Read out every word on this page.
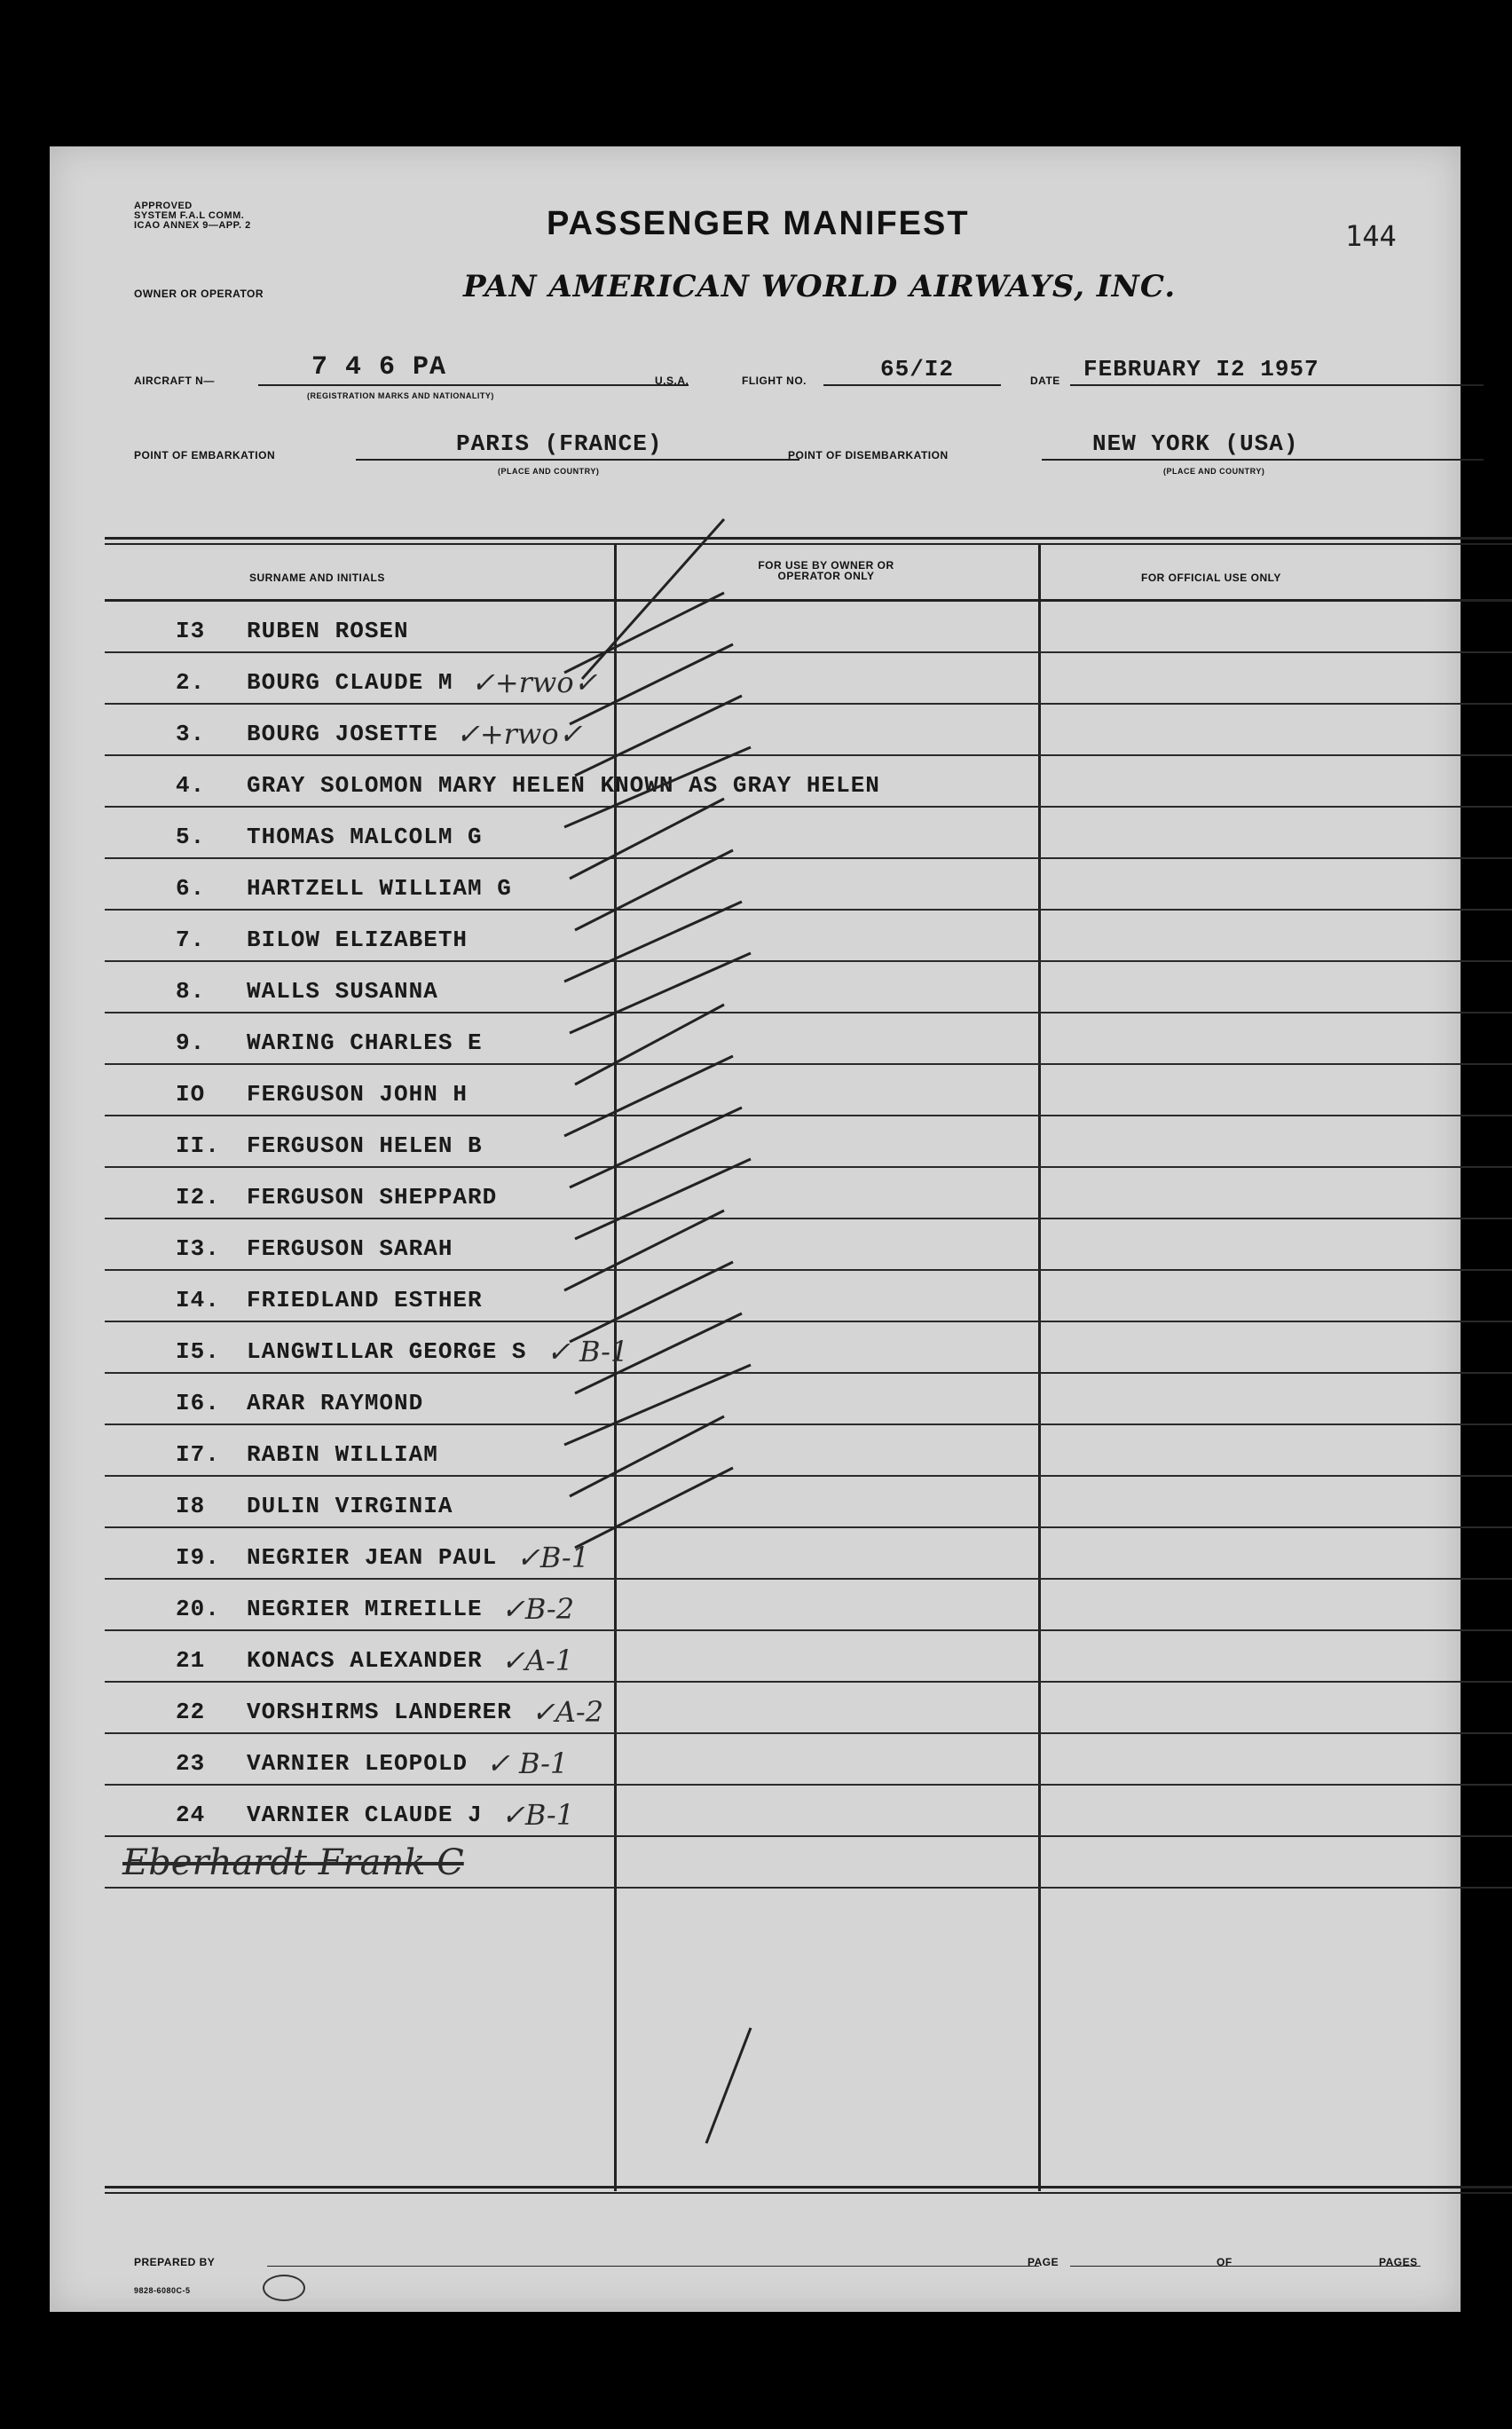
APPROVED
SYSTEM F.A.L COMM.
ICAO ANNEX 9—APP. 2	PASSENGER MANIFEST	144
OWNER OR OPERATOR	PAN AMERICAN WORLD AIRWAYS, INC.
AIRCRAFT N—	7 4 6 PA
(REGISTRATION MARKS AND NATIONALITY)
U.S.A.	FLIGHT NO.	65/I2	DATE FEBRUARY I2 1957
POINT OF EMBARKATION	PARIS (FRANCE)
(PLACE AND COUNTRY)
POINT OF DISEMBARKATION	NEW YORK (USA)
(PLACE AND COUNTRY)
SURNAME AND INITIALS
FOR USE BY OWNER OR OPERATOR ONLY	FOR OFFICIAL USE ONLY
I3 RUBEN ROSEN
2. BOURG CLAUDE M ✓+rwo✓
3. BOURG JOSETTE ✓+rwo✓
4. GRAY SOLOMON MARY HELEN KNOWN AS GRAY HELEN
5. THOMAS MALCOLM G
6. HARTZELL WILLIAM G
7. BILOW ELIZABETH
8. WALLS SUSANNA
9. WARING CHARLES E
IO FERGUSON JOHN H
II. FERGUSON HELEN B
I2. FERGUSON SHEPPARD
I3. FERGUSON SARAH
I4. FRIEDLAND ESTHER
I5. LANGWILLAR GEORGE S ✓ B-1
I6. ARAR RAYMOND
I7. RABIN WILLIAM
I8 DULIN VIRGINIA
I9. NEGRIER JEAN PAUL ✓B-1
20. NEGRIER MIREILLE ✓B-2
21 KONACS ALEXANDER ✓A-1
22 VORSHIRMS LANDERER ✓A-2
23 VARNIER LEOPOLD ✓ B-1
24 VARNIER CLAUDE J ✓B-1
Eberhardt Frank C
PREPARED BY
9828-6080C-5
PAGE	OF	PAGES
